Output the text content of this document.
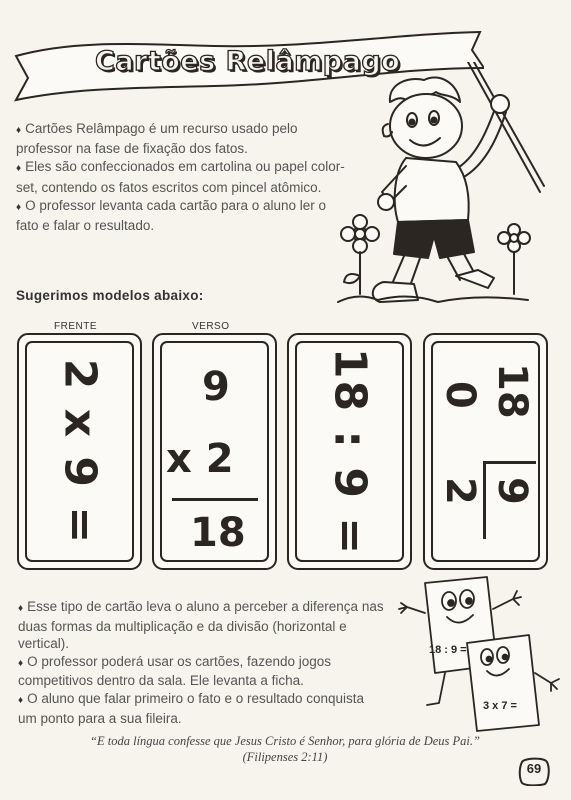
Cartões Relâmpago

♦ Cartões Relâmpago é um recurso usado pelo professor na fase de fixação dos fatos.

♦ Eles são confeccionados em cartolina ou papel color-set, contendo os fatos escritos com pincel atômico.

♦ O professor levanta cada cartão para o aluno ler o fato e falar o resultado.

Sugerimos modelos abaixo:
FRENTE	VERSO
2 x 9 = 9
x 2
18 18 : 9 =	18
0
9
2

♦ Esse tipo de cartão leva o aluno a perceber a diferença nas duas formas da multiplicação e da divisão (horizontal e vertical).

♦ O professor poderá usar os cartões, fazendo jogos competitivos dentro da sala. Ele levanta a ficha.

♦ O aluno que falar primeiro o fato e o resultado conquista um ponto para a sua fileira.

18 : 9 =
3 x 7 =

“E toda língua confesse que Jesus Cristo é Senhor, para glória de Deus Pai.”

(Filipenses 2:11)

69
